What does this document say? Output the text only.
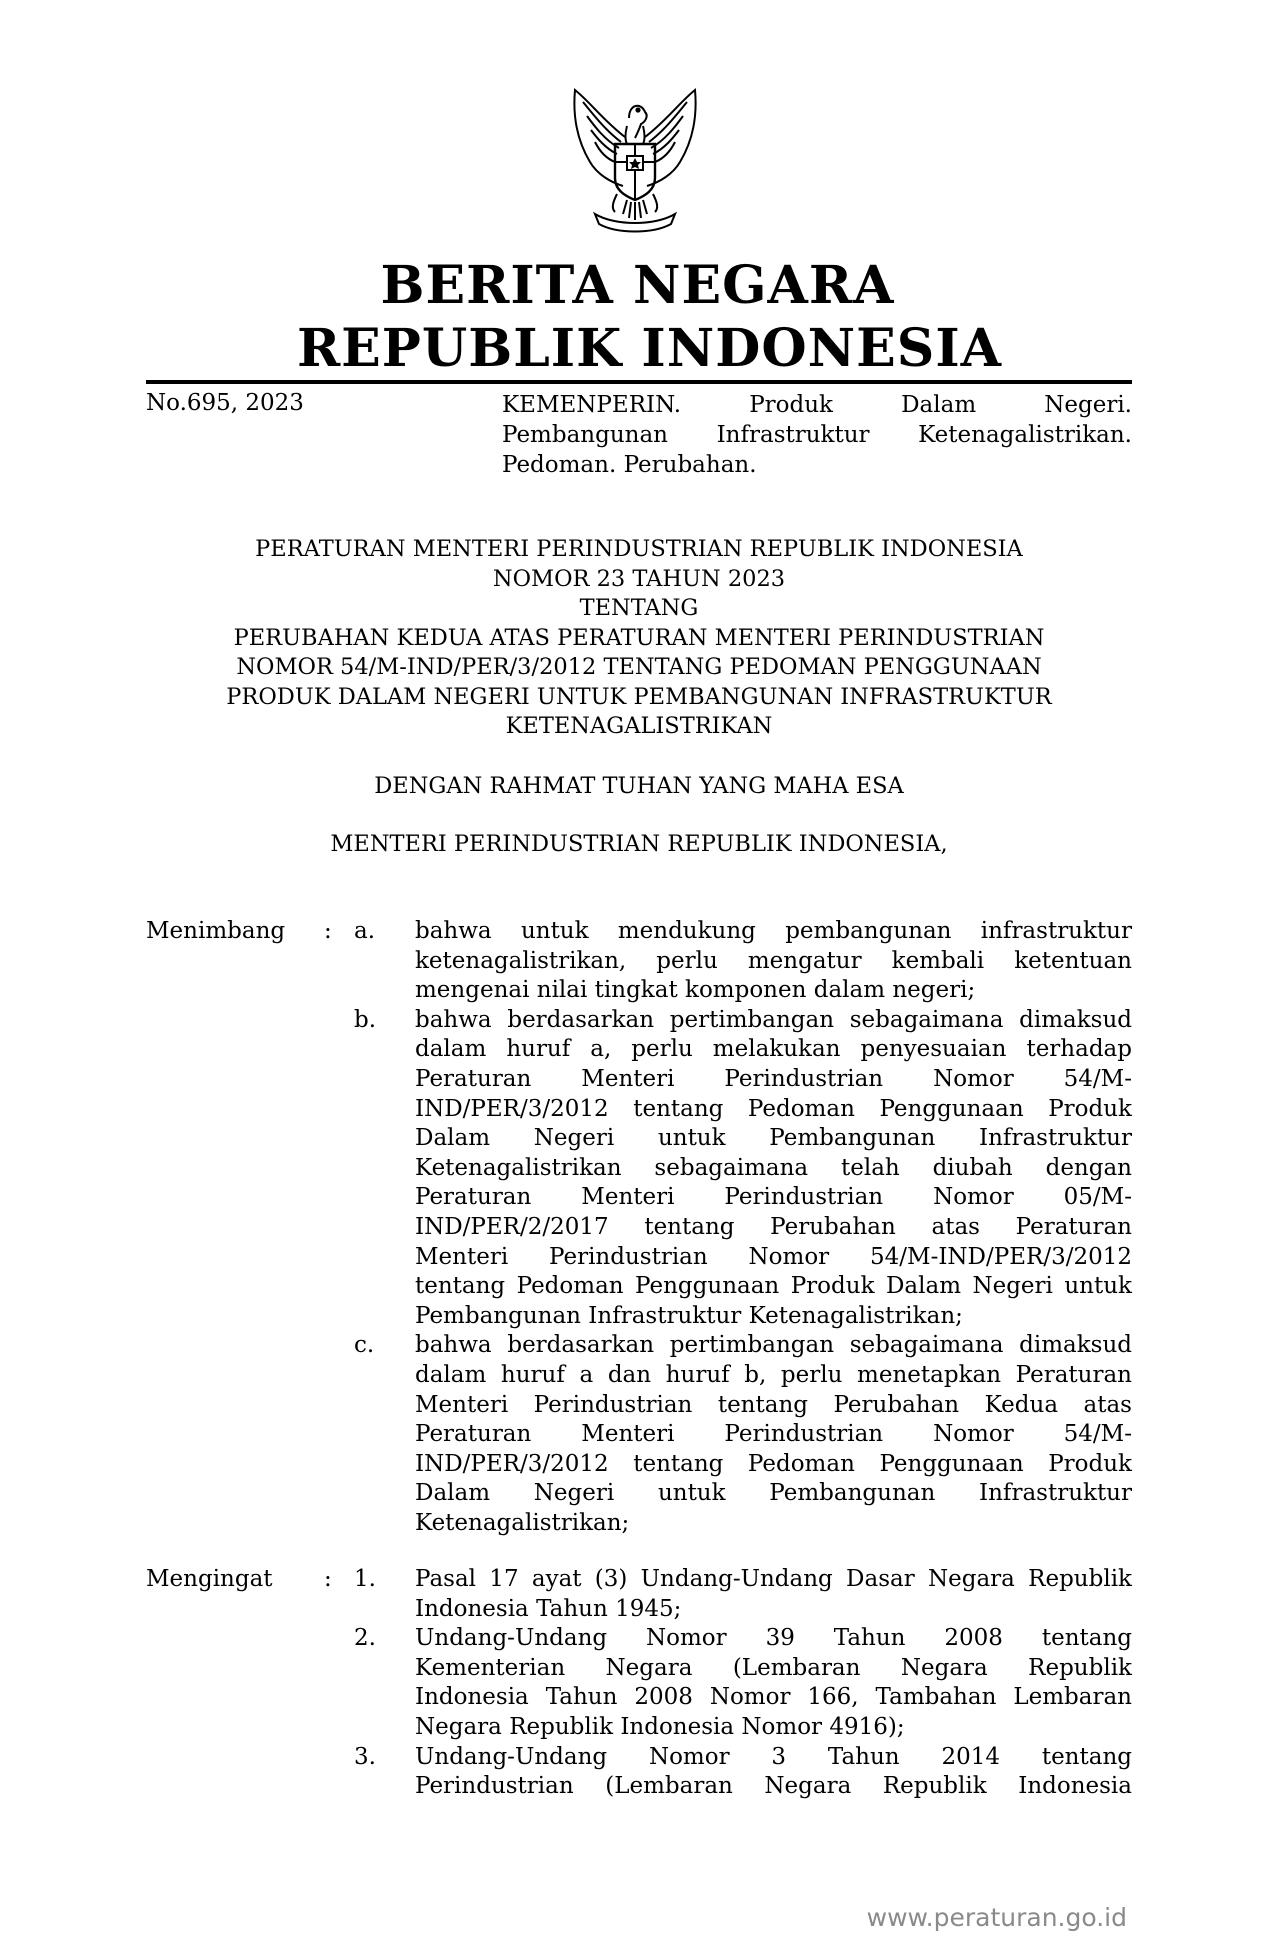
BERITA NEGARA
REPUBLIK INDONESIA
No.695, 2023	KEMENPERIN. Produk Dalam Negeri.
Pembangunan Infrastruktur Ketenagalistrikan.
Pedoman. Perubahan.
PERATURAN MENTERI PERINDUSTRIAN REPUBLIK INDONESIA
NOMOR 23 TAHUN 2023
TENTANG
PERUBAHAN KEDUA ATAS PERATURAN MENTERI PERINDUSTRIAN
NOMOR 54/M-IND/PER/3/2012 TENTANG PEDOMAN PENGGUNAAN
PRODUK DALAM NEGERI UNTUK PEMBANGUNAN INFRASTRUKTUR
KETENAGALISTRIKAN
DENGAN RAHMAT TUHAN YANG MAHA ESA
MENTERI PERINDUSTRIAN REPUBLIK INDONESIA,
Menimbang : a. bahwa untuk mendukung pembangunan infrastruktur
ketenagalistrikan, perlu mengatur kembali ketentuan
mengenai nilai tingkat komponen dalam negeri;
b. bahwa berdasarkan pertimbangan sebagaimana dimaksud
dalam huruf a, perlu melakukan penyesuaian terhadap
Peraturan Menteri Perindustrian Nomor 54/M-
IND/PER/3/2012 tentang Pedoman Penggunaan Produk
Dalam Negeri untuk Pembangunan Infrastruktur
Ketenagalistrikan sebagaimana telah diubah dengan
Peraturan Menteri Perindustrian Nomor 05/M-
IND/PER/2/2017 tentang Perubahan atas Peraturan
Menteri Perindustrian Nomor 54/M-IND/PER/3/2012
tentang Pedoman Penggunaan Produk Dalam Negeri untuk
Pembangunan Infrastruktur Ketenagalistrikan;
c. bahwa berdasarkan pertimbangan sebagaimana dimaksud
dalam huruf a dan huruf b, perlu menetapkan Peraturan
Menteri Perindustrian tentang Perubahan Kedua atas
Peraturan Menteri Perindustrian Nomor 54/M-
IND/PER/3/2012 tentang Pedoman Penggunaan Produk
Dalam Negeri untuk Pembangunan Infrastruktur
Ketenagalistrikan;
Mengingat : 1. Pasal 17 ayat (3) Undang-Undang Dasar Negara Republik
Indonesia Tahun 1945;
2. Undang-Undang Nomor 39 Tahun 2008 tentang
Kementerian Negara (Lembaran Negara Republik
Indonesia Tahun 2008 Nomor 166, Tambahan Lembaran
Negara Republik Indonesia Nomor 4916);
3. Undang-Undang Nomor 3 Tahun 2014 tentang
Perindustrian (Lembaran Negara Republik Indonesia
www.peraturan.go.id
